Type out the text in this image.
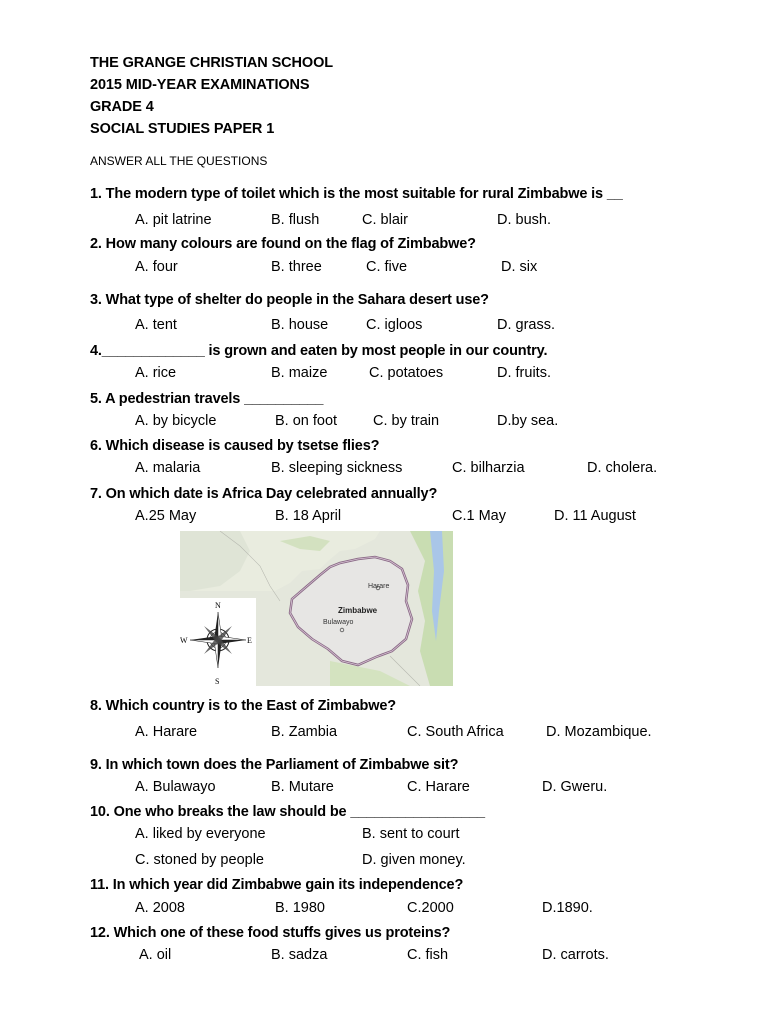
THE GRANGE CHRISTIAN SCHOOL
2015 MID-YEAR EXAMINATIONS
GRADE 4
SOCIAL STUDIES PAPER 1
ANSWER ALL THE QUESTIONS
1. The modern type of toilet which is the most suitable for rural Zimbabwe is __
A. pit latrine	B. flush	C. blair	D. bush.
2. How many colours are found on the flag of Zimbabwe?
A. four	B. three	C. five	D. six
3. What type of shelter do people in the Sahara desert use?
A. tent	B. house	C. igloos	D. grass.
4._____________ is grown and eaten by most people in our country.
A. rice	B. maize	C. potatoes	D. fruits.
5. A pedestrian travels __________
A. by bicycle	B. on foot C. by train	D.by sea.
6. Which disease is caused by tsetse flies?
A. malaria	B. sleeping sickness	C. bilharzia	D. cholera.
7. On which date is Africa Day celebrated annually?
A.25 May	B. 18 April	C.1 May	D. 11 August
Harare
Zimbabwe
Bulawayo
N
S
W	E
8. Which country is to the East of Zimbabwe?
A. Harare	B. Zambia	C. South Africa	D. Mozambique.
9. In which town does the Parliament of Zimbabwe sit?
A. Bulawayo	B. Mutare	C. Harare	D. Gweru.
10. One who breaks the law should be _________________
A. liked by everyone	B. sent to court
C. stoned by people	D. given money.
11. In which year did Zimbabwe gain its independence?
A. 2008	B. 1980	C.2000	D.1890.
12. Which one of these food stuffs gives us proteins?
A. oil	B. sadza	C. fish	D. carrots.
